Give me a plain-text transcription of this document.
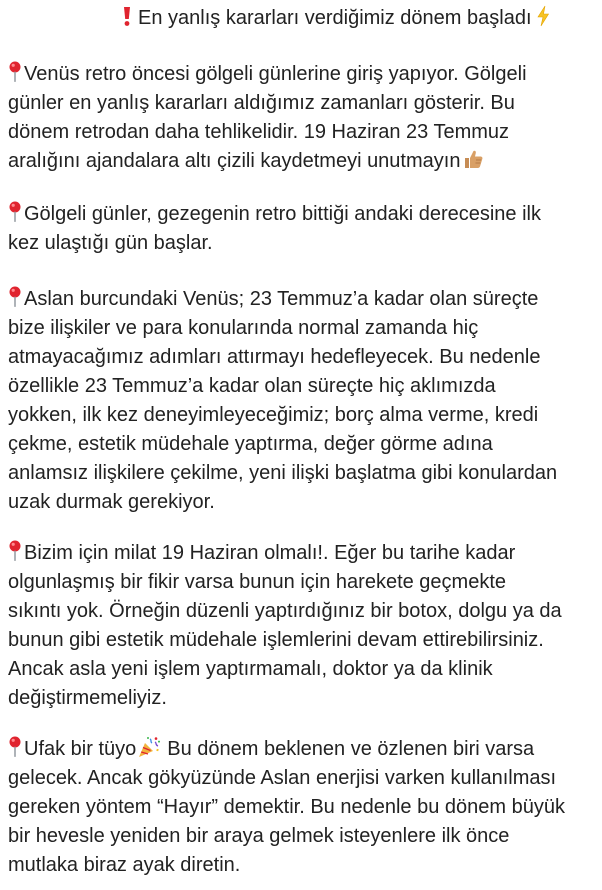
En yanlış kararları verdiğimiz dönem başladı
Venüs retro öncesi gölgeli günlerine giriş yapıyor. Gölgeli
günler en yanlış kararları aldığımız zamanları gösterir. Bu
dönem retrodan daha tehlikelidir. 19 Haziran 23 Temmuz
aralığını ajandalara altı çizili kaydetmeyi unutmayın
Gölgeli günler, gezegenin retro bittiği andaki derecesine ilk
kez ulaştığı gün başlar.
Aslan burcundaki Venüs; 23 Temmuz’a kadar olan süreçte
bize ilişkiler ve para konularında normal zamanda hiç
atmayacağımız adımları attırmayı hedefleyecek. Bu nedenle
özellikle 23 Temmuz’a kadar olan süreçte hiç aklımızda
yokken, ilk kez deneyimleyeceğimiz; borç alma verme, kredi
çekme, estetik müdehale yaptırma, değer görme adına
anlamsız ilişkilere çekilme, yeni ilişki başlatma gibi konulardan
uzak durmak gerekiyor.
Bizim için milat 19 Haziran olmalı!. Eğer bu tarihe kadar
olgunlaşmış bir fikir varsa bunun için harekete geçmekte
sıkıntı yok. Örneğin düzenli yaptırdığınız bir botox, dolgu ya da
bunun gibi estetik müdehale işlemlerini devam ettirebilirsiniz.
Ancak asla yeni işlem yaptırmamalı, doktor ya da klinik
değiştirmemeliyiz.
Ufak bir tüyo Bu dönem beklenen ve özlenen biri varsa
gelecek. Ancak gökyüzünde Aslan enerjisi varken kullanılması
gereken yöntem “Hayır” demektir. Bu nedenle bu dönem büyük
bir hevesle yeniden bir araya gelmek isteyenlere ilk önce
mutlaka biraz ayak diretin.
